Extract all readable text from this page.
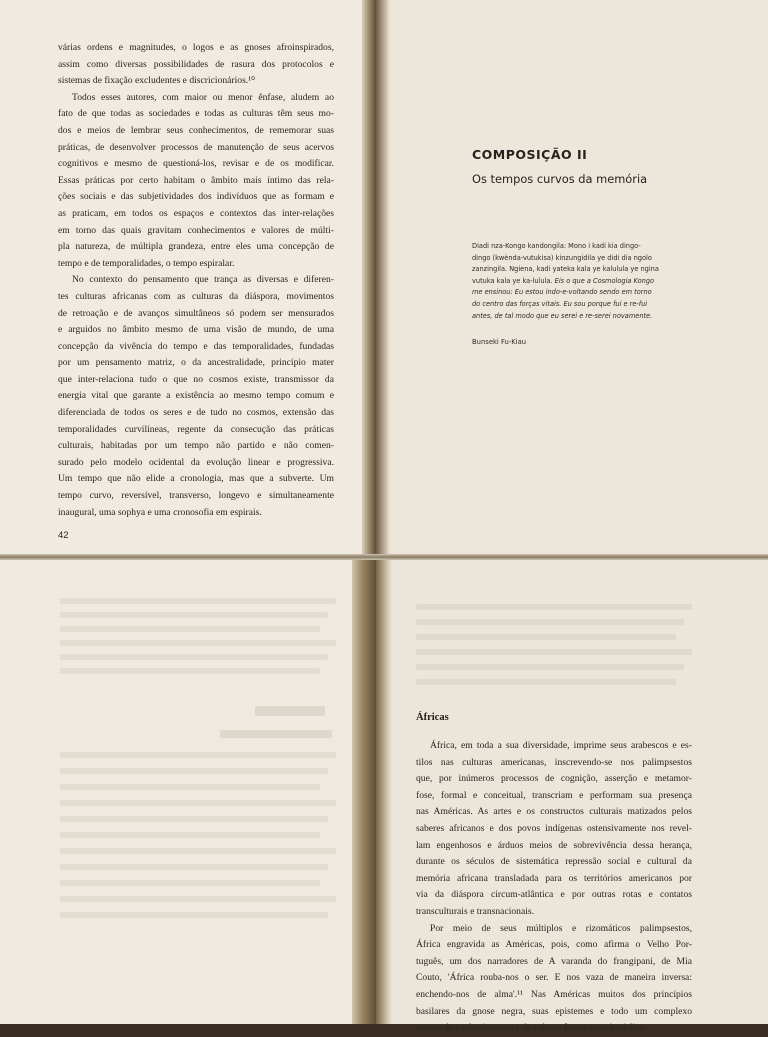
várias ordens e magnitudes, o logos e as gnoses afroinspirados,
assim como diversas possibilidades de rasura dos protocolos e
sistemas de fixação excludentes e discricionários.¹⁰
Todos esses autores, com maior ou menor ênfase, aludem ao
fato de que todas as sociedades e todas as culturas têm seus mo-
dos e meios de lembrar seus conhecimentos, de rememorar suas
práticas, de desenvolver processos de manutenção de seus acervos
cognitivos e mesmo de questioná-los, revisar e de os modificar.
Essas práticas por certo habitam o âmbito mais íntimo das rela-
ções sociais e das subjetividades dos indivíduos que as formam e
as praticam, em todos os espaços e contextos das inter-relações
em torno das quais gravitam conhecimentos e valores de múlti-
pla natureza, de múltipla grandeza, entre eles uma concepção de
tempo e de temporalidades, o tempo espiralar.
No contexto do pensamento que trança as diversas e diferen-
tes culturas africanas com as culturas da diáspora, movimentos
de retroação e de avanços simultâneos só podem ser mensurados
e arguidos no âmbito mesmo de uma visão de mundo, de uma
concepção da vivência do tempo e das temporalidades, fundadas
por um pensamento matriz, o da ancestralidade, princípio mater
que inter-relaciona tudo o que no cosmos existe, transmissor da
energia vital que garante a existência ao mesmo tempo comum e
diferenciada de todos os seres e de tudo no cosmos, extensão das
temporalidades curvilíneas, regente da consecução das práticas
culturais, habitadas por um tempo não partido e não comen-
surado pelo modelo ocidental da evolução linear e progressiva.
Um tempo que não elide a cronologia, mas que a subverte. Um
tempo curvo, reversível, transverso, longevo e simultaneamente
inaugural, uma sophya e uma cronosofia em espirais.
42
COMPOSIÇÃO II
Os tempos curvos da memória
Diadi nza-Kongo kandongila: Mono i kadi kia dingo-
dingo (kwènda-vutukisa) kinzungidila ye didi dia ngolo
zanzingila. Ngiena, kadi yateka kala ye kalulula ye ngina
vutuka kala ye ka-lulula. Eis o que a Cosmologia Kongo
me ensinou: Eu estou indo-e-voltando sendo em torno
do centro das forças vitais. Eu sou porque fui e re-fui
antes, de tal modo que eu serei e re-serei novamente.
Bunseki Fu-Kiau
Áfricas
África, em toda a sua diversidade, imprime seus arabescos e es-
tilos nas culturas americanas, inscrevendo-se nos palimpsestos
que, por inúmeros processos de cognição, asserção e metamor-
fose, formal e conceitual, transcriam e performam sua presença
nas Américas. As artes e os constructos culturais matizados pelos
saberes africanos e dos povos indígenas ostensivamente nos revel-
lam engenhosos e árduos meios de sobrevivência dessa herança,
durante os séculos de sistemática repressão social e cultural da
memória africana transladada para os territórios americanos por
via da diáspora circum-atlântica e por outras rotas e contatos
transculturais e transnacionais.
Por meio de seus múltiplos e rizomáticos palimpsestos,
África engravida as Américas, pois, como afirma o Velho Por-
tuguês, um dos narradores de A varanda do frangipani, de Mia
Couto, 'África rouba-nos o ser. E nos vaza de maneira inversa:
enchendo-nos de alma'.¹¹ Nas Américas muitos dos princípios
basilares da gnose negra, suas epistemes e todo um complexo
acervo de conhecimentos e de valores foram reterritorializa-
